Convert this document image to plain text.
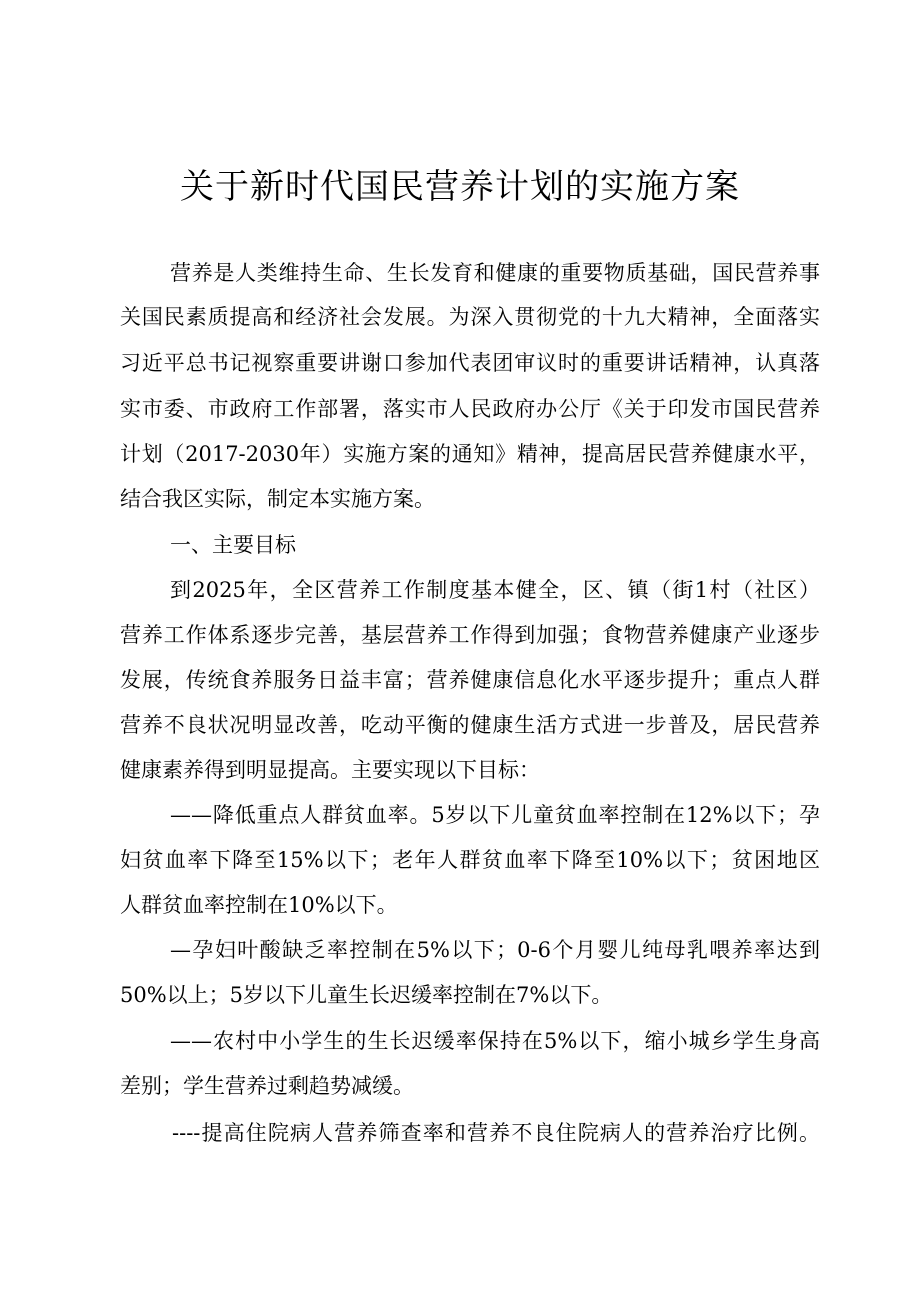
关于新时代国民营养计划的实施方案

营养是人类维持生命、生长发育和健康的重要物质基础，国民营养事

关国民素质提高和经济社会发展。为深入贯彻党的十九大精神，全面落实

习近平总书记视察重要讲谢口参加代表团审议时的重要讲话精神，认真落

实市委、市政府工作部署，落实市人民政府办公厅《关于印发市国民营养

计划（2017-2030年）实施方案的通知》精神，提高居民营养健康水平，

结合我区实际，制定本实施方案。

一、主要目标

到2025年，全区营养工作制度基本健全，区、镇（街1村（社区）

营养工作体系逐步完善，基层营养工作得到加强；食物营养健康产业逐步

发展，传统食养服务日益丰富；营养健康信息化水平逐步提升；重点人群

营养不良状况明显改善，吃动平衡的健康生活方式进一步普及，居民营养

健康素养得到明显提高。主要实现以下目标：

——降低重点人群贫血率。5岁以下儿童贫血率控制在12%以下；孕

妇贫血率下降至15%以下；老年人群贫血率下降至10%以下；贫困地区

人群贫血率控制在10%以下。

—孕妇叶酸缺乏率控制在5%以下；0-6个月婴儿纯母乳喂养率达到

50%以上；5岁以下儿童生长迟缓率控制在7%以下。

——农村中小学生的生长迟缓率保持在5%以下，缩小城乡学生身高

差别；学生营养过剩趋势减缓。

----提高住院病人营养筛查率和营养不良住院病人的营养治疗比例。
